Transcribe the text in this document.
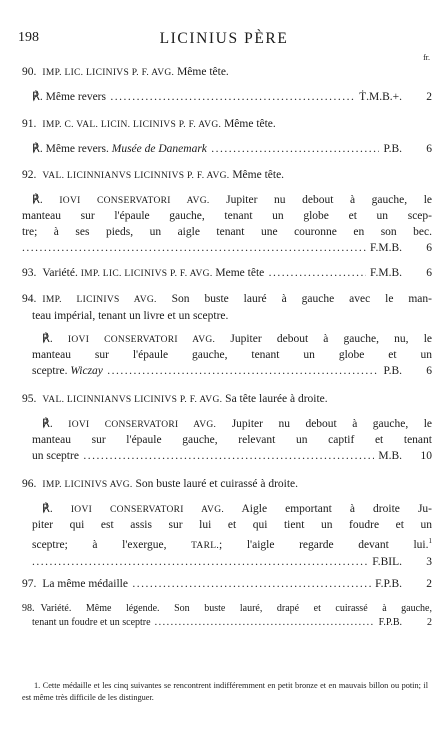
198	LICINIUS PÈRE
fr.
90. IMP. LIC. LICINIVS P. F. AVG. Même tête.
℟. Même revers .....	Ṫ.M.B.+.	2
91. IMP. C. VAL. LICIN. LICINIVS P. F. AVG. Même tête.
℟. Même revers. Musée de Danemark .....	P.B.	6
92. VAL. LICINNIANVS LICINNIVS P. F. AVG. Même tête.
℟. IOVI CONSERVATORI AVG. Jupiter nu debout à gauche, le
manteau sur l'épaule gauche, tenant un globe et un scep-
tre; à ses pieds, un aigle tenant une couronne en son bec.
.....
F.M.B.	6
93. Variété. IMP. LIC. LICINIVS P. F. AVG. Meme tête .....	F.M.B.	6
94. IMP. LICINIVS AVG. Son buste lauré à gauche avec le man-
teau impérial, tenant un livre et un sceptre.
℟. IOVI CONSERVATORI AVG. Jupiter debout à gauche, nu, le
manteau sur l'épaule gauche, tenant un globe et un
sceptre. Wiczay .....	P.B.	6
95. VAL. LICINNIANVS LICINIVS P. F. AVG. Sa tête laurée à droite.
℟. IOVI CONSERVATORI AVG. Jupiter nu debout à gauche, le
manteau sur l'épaule gauche, relevant un captif et tenant
un sceptre .....	M.B.	10
96. IMP. LICINIVS AVG. Son buste lauré et cuirassé à droite.
℟. IOVI CONSERVATORI AVG. Aigle emportant à droite Ju-
piter qui est assis sur lui et qui tient un foudre et un
sceptre; à l'exergue,	TARL.; l'aigle regarde devant lui.$^1$
.....
F.BIL.	3
97. La même médaille .....	F.P.B.	2
98. Variété. Même légende. Son buste lauré, drapé et cuirassé à gauche,
tenant un foudre et un sceptre .....	F.P.B.	2
1. Cette médaille et les cinq suivantes se rencontrent indifféremment en petit bronze et en mauvais billon ou potin; il est même très difficile de les distinguer.
